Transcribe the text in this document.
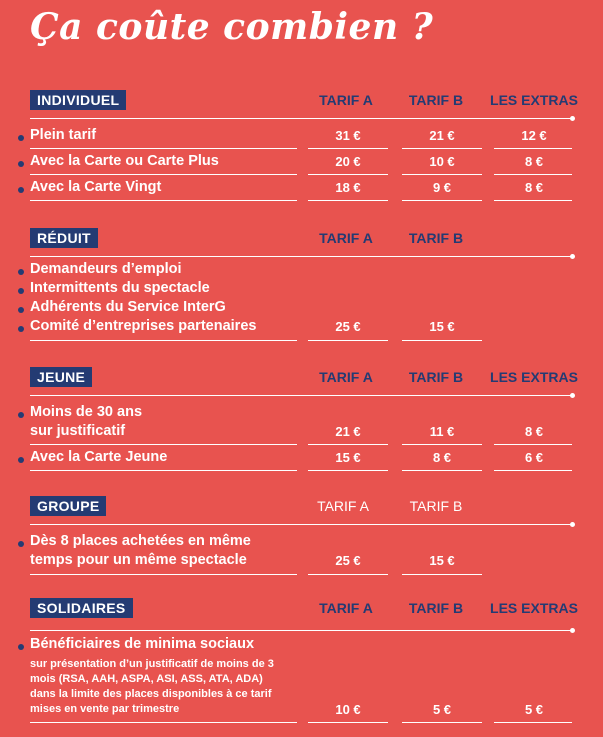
Ça coûte combien ?
INDIVIDUEL	TARIF A	TARIF B	LES EXTRAS
Plein tarif	31 €	21 €	12 €
Avec la Carte ou Carte Plus	20 €	10 €	8 €
Avec la Carte Vingt	18 €	9 €	8 €
RÉDUIT	TARIF A	TARIF B
Demandeurs d’emploi
Intermittents du spectacle
Adhérents du Service InterG
Comité d’entreprises partenaires	25 €	15 €
JEUNE	TARIF A	TARIF B	LES EXTRAS
Moins de 30 ans
sur justificatif	21 €	11 €	8 €
Avec la Carte Jeune	15 €	8 €	6 €
GROUPE	TARIF A	TARIF B
Dès 8 places achetées en même
temps pour un même spectacle	25 €	15 €
SOLIDAIRES	TARIF A	TARIF B	LES EXTRAS
Bénéficiaires de minima sociaux
sur présentation d’un justificatif de moins de 3
mois (RSA, AAH, ASPA, ASI, ASS, ATA, ADA)
dans la limite des places disponibles à ce tarif
mises en vente par trimestre	10 €	5 €	5 €
